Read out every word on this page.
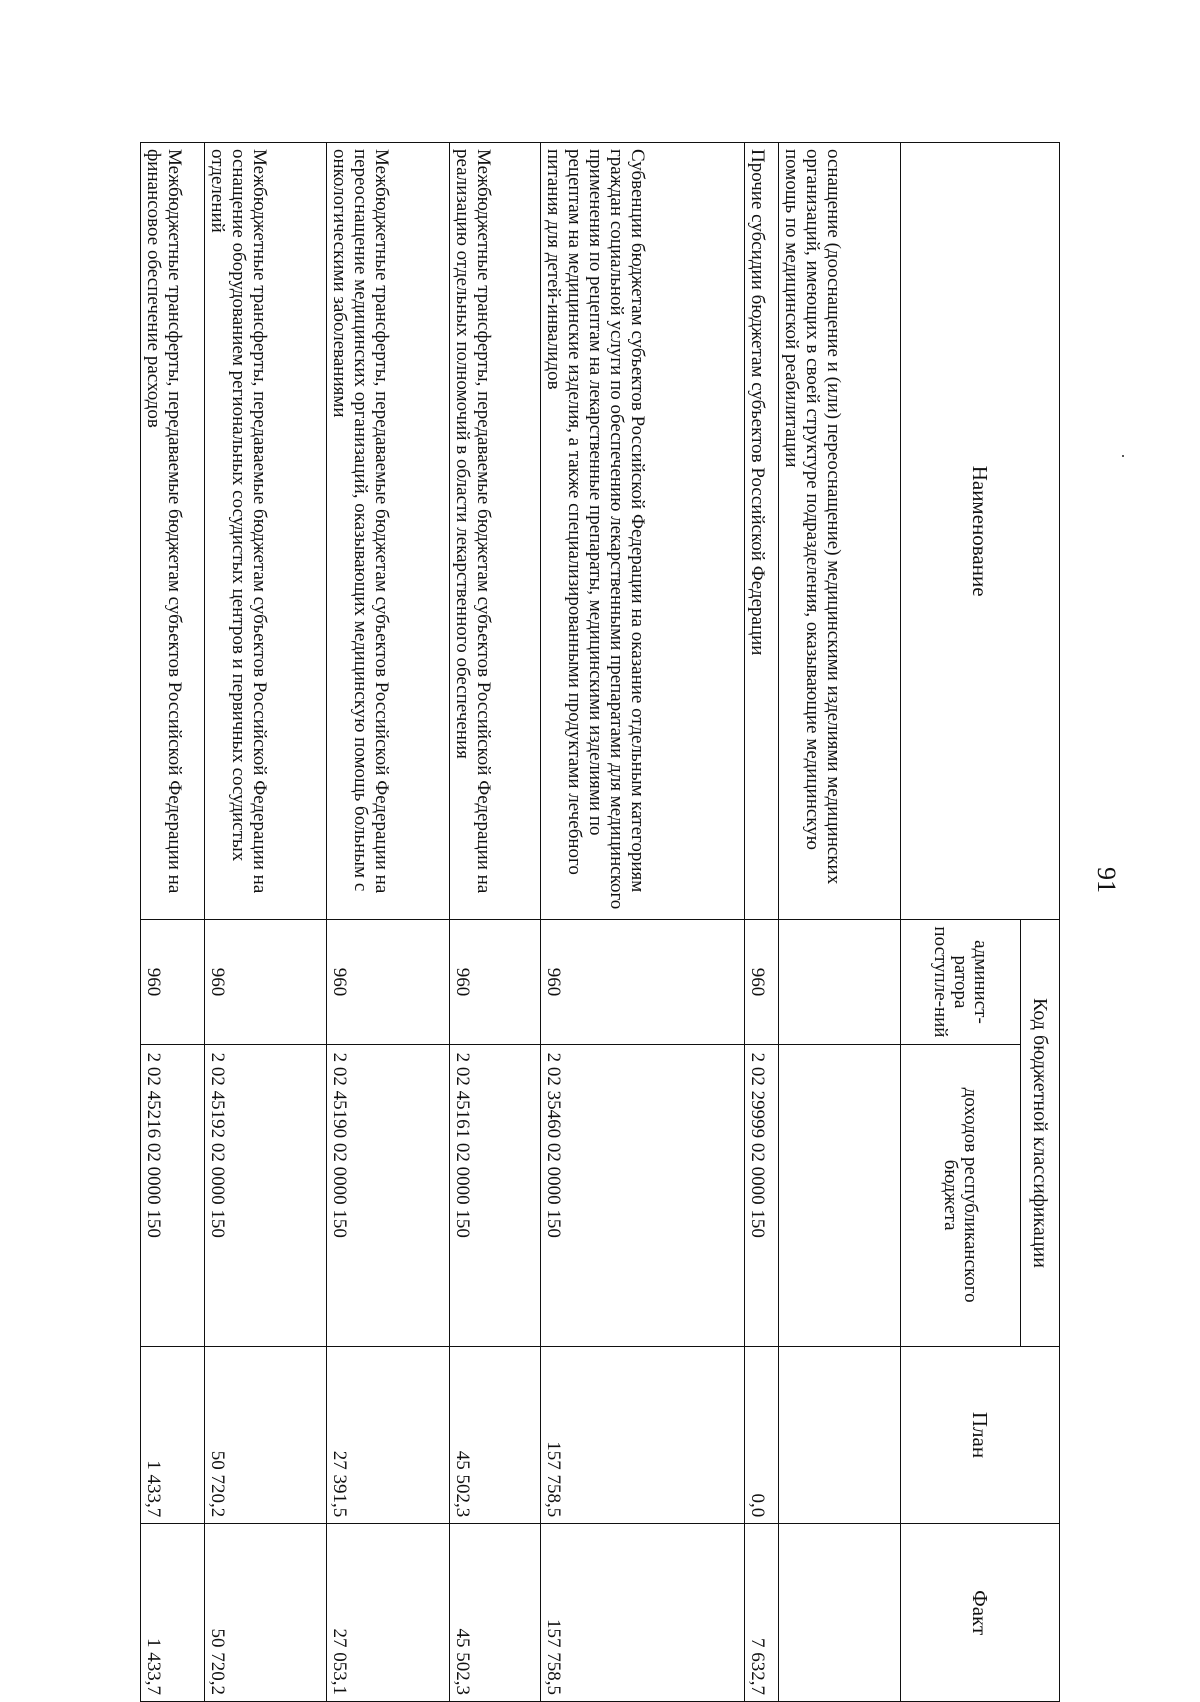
91
Наименование	Код бюджетной классификации		План	Факт
	админист-ратора поступле-ний	доходов республиканского бюджета		
оснащение (дооснащение и (или) переоснащение) медицинскими изделиями медицинских организаций, имеющих в своей структуре подразделения, оказывающие медицинскую помощь по медицинской реабилитации				
Прочие субсидии бюджетам субъектов Российской Федерации	960	2 02 29999 02 0000 150	0,0	7 632,7
Субвенции бюджетам субъектов Российской Федерации на оказание отдельным категориям граждан социальной услуги по обеспечению лекарственными препаратами для медицинского применения по рецептам на лекарственные препараты, медицинскими изделиями по рецептам на медицинские изделия, а также специализированными продуктами лечебного питания для детей-инвалидов	960	2 02 35460 02 0000 150	157 758,5	157 758,5
Межбюджетные трансферты, передаваемые бюджетам субъектов Российской Федерации на реализацию отдельных полномочий в области лекарственного обеспечения	960	2 02 45161 02 0000 150	45 502,3	45 502,3
Межбюджетные трансферты, передаваемые бюджетам субъектов Российской Федерации на переоснащение медицинских организаций, оказывающих медицинскую помощь больным с онкологическими заболеваниями	960	2 02 45190 02 0000 150	27 391,5	27 053,1
Межбюджетные трансферты, передаваемые бюджетам субъектов Российской Федерации на оснащение оборудованием региональных сосудистых центров и первичных сосудистых отделений	960	2 02 45192 02 0000 150	50 720,2	50 720,2
Межбюджетные трансферты, передаваемые бюджетам субъектов Российской Федерации на финансовое обеспечение расходов	960	2 02 45216 02 0000 150	1 433,7	1 433,7
